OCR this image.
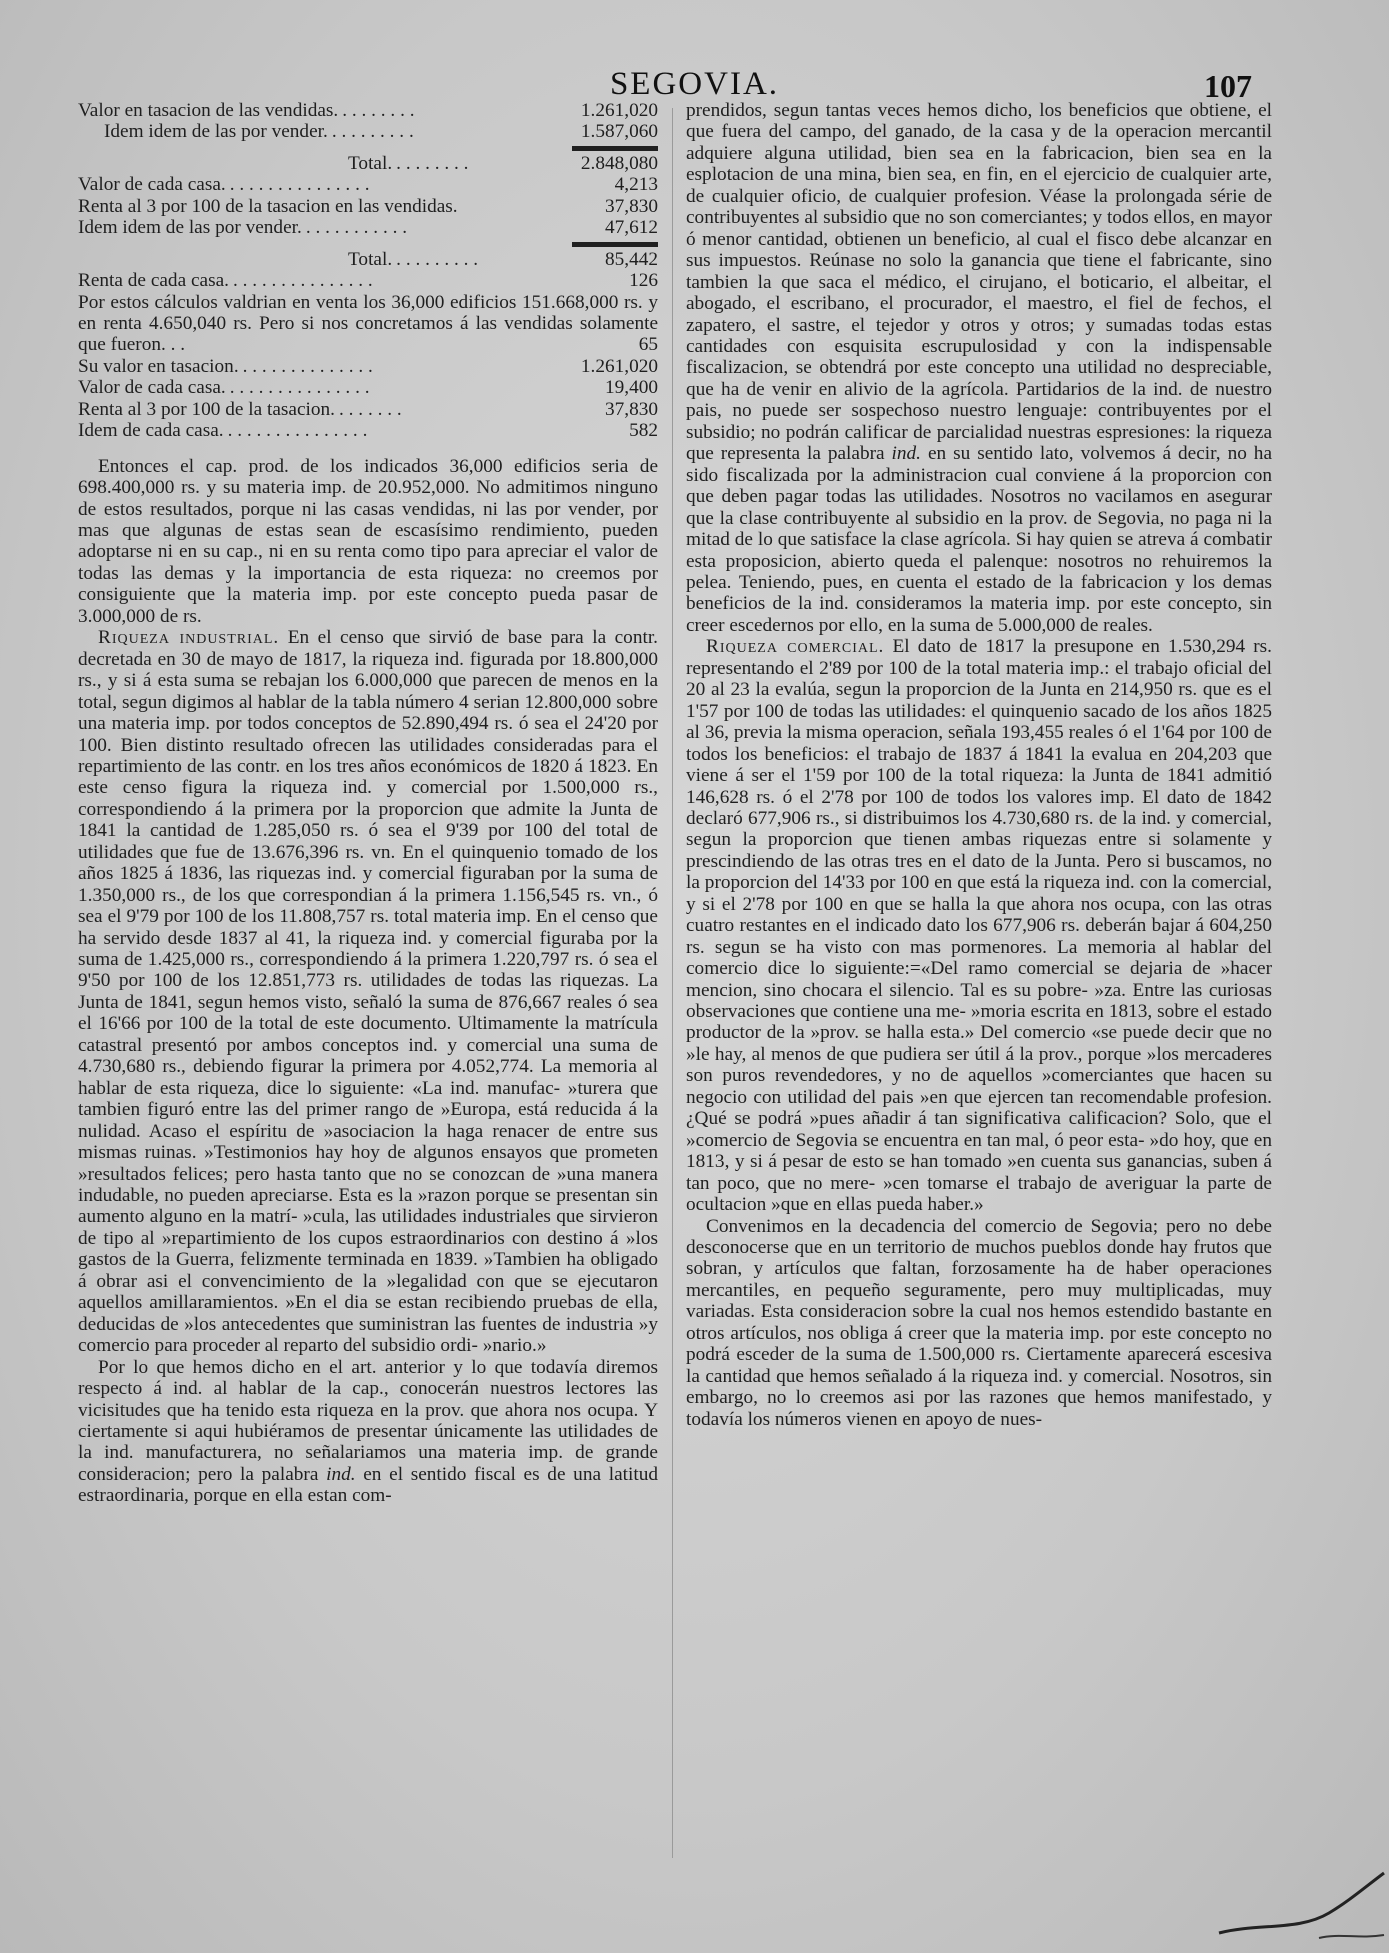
SEGOVIA.	107
Valor en tasacion de las vendidas. . . . . . . . .	1.261,020
Idem idem de las por vender. . . . . . . . . .	1.587,060
Total. . . . . . . . .	2.848,080
Valor de cada casa. . . . . . . . . . . . . . . .	4,213
Renta al 3 por 100 de la tasacion en las vendidas.	37,830
Idem idem de las por vender. . . . . . . . . . . .	47,612
Total. . . . . . . . . .	85,442
Renta de cada casa. . . . . . . . . . . . . . . .	126

Por estos cálculos valdrian en venta los 36,000 edificios 151.668,000 rs. y en renta 4.650,040 rs. Pero si nos concretamos á las vendidas solamente que fueron. . .	65

Su valor en tasacion. . . . . . . . . . . . . . .	1.261,020
Valor de cada casa. . . . . . . . . . . . . . . .	19,400
Renta al 3 por 100 de la tasacion. . . . . . . .	37,830
Idem de cada casa. . . . . . . . . . . . . . . .	582

Entonces el cap. prod. de los indicados 36,000 edificios seria de 698.400,000 rs. y su materia imp. de 20.952,000. No admitimos ninguno de estos resultados, porque ni las casas vendidas, ni las por vender, por mas que algunas de estas sean de escasísimo rendimiento, pueden adoptarse ni en su cap., ni en su renta como tipo para apreciar el valor de todas las demas y la importancia de esta riqueza: no creemos por consiguiente que la materia imp. por este concepto pueda pasar de 3.000,000 de rs.

Riqueza industrial. En el censo que sirvió de base para la contr. decretada en 30 de mayo de 1817, la riqueza ind. figurada por 18.800,000 rs., y si á esta suma se rebajan los 6.000,000 que parecen de menos en la total, segun digimos al hablar de la tabla número 4 serian 12.800,000 sobre una materia imp. por todos conceptos de 52.890,494 rs. ó sea el 24'20 por 100. Bien distinto resultado ofrecen las utilidades consideradas para el repartimiento de las contr. en los tres años económicos de 1820 á 1823. En este censo figura la riqueza ind. y comercial por 1.500,000 rs., correspondiendo á la primera por la proporcion que admite la Junta de 1841 la cantidad de 1.285,050 rs. ó sea el 9'39 por 100 del total de utilidades que fue de 13.676,396 rs. vn. En el quinquenio tomado de los años 1825 á 1836, las riquezas ind. y comercial figuraban por la suma de 1.350,000 rs., de los que correspondian á la primera 1.156,545 rs. vn., ó sea el 9'79 por 100 de los 11.808,757 rs. total materia imp. En el censo que ha servido desde 1837 al 41, la riqueza ind. y comercial figuraba por la suma de 1.425,000 rs., correspondiendo á la primera 1.220,797 rs. ó sea el 9'50 por 100 de los 12.851,773 rs. utilidades de todas las riquezas. La Junta de 1841, segun hemos visto, señaló la suma de 876,667 reales ó sea el 16'66 por 100 de la total de este documento. Ultimamente la matrícula catastral presentó por ambos conceptos ind. y comercial una suma de 4.730,680 rs., debiendo figurar la primera por 4.052,774. La memoria al hablar de esta riqueza, dice lo siguiente: «La ind. manufac- »turera que tambien figuró entre las del primer rango de »Europa, está reducida á la nulidad. Acaso el espíritu de »asociacion la haga renacer de entre sus mismas ruinas. »Testimonios hay hoy de algunos ensayos que prometen »resultados felices; pero hasta tanto que no se conozcan de »una manera indudable, no pueden apreciarse. Esta es la »razon porque se presentan sin aumento alguno en la matrí- »cula, las utilidades industriales que sirvieron de tipo al »repartimiento de los cupos estraordinarios con destino á »los gastos de la Guerra, felizmente terminada en 1839. »Tambien ha obligado á obrar asi el convencimiento de la »legalidad con que se ejecutaron aquellos amillaramientos. »En el dia se estan recibiendo pruebas de ella, deducidas de »los antecedentes que suministran las fuentes de industria »y comercio para proceder al reparto del subsidio ordi- »nario.»

Por lo que hemos dicho en el art. anterior y lo que todavía diremos respecto á ind. al hablar de la cap., conocerán nuestros lectores las vicisitudes que ha tenido esta riqueza en la prov. que ahora nos ocupa. Y ciertamente si aqui hubiéramos de presentar únicamente las utilidades de la ind. manufacturera, no señalariamos una materia imp. de grande consideracion; pero la palabra ind. en el sentido fiscal es de una latitud estraordinaria, porque en ella estan com-

prendidos, segun tantas veces hemos dicho, los beneficios que obtiene, el que fuera del campo, del ganado, de la casa y de la operacion mercantil adquiere alguna utilidad, bien sea en la fabricacion, bien sea en la esplotacion de una mina, bien sea, en fin, en el ejercicio de cualquier arte, de cualquier oficio, de cualquier profesion. Véase la prolongada série de contribuyentes al subsidio que no son comerciantes; y todos ellos, en mayor ó menor cantidad, obtienen un beneficio, al cual el fisco debe alcanzar en sus impuestos. Reúnase no solo la ganancia que tiene el fabricante, sino tambien la que saca el médico, el cirujano, el boticario, el albeitar, el abogado, el escribano, el procurador, el maestro, el fiel de fechos, el zapatero, el sastre, el tejedor y otros y otros; y sumadas todas estas cantidades con esquisita escrupulosidad y con la indispensable fiscalizacion, se obtendrá por este concepto una utilidad no despreciable, que ha de venir en alivio de la agrícola. Partidarios de la ind. de nuestro pais, no puede ser sospechoso nuestro lenguaje: contribuyentes por el subsidio; no podrán calificar de parcialidad nuestras espresiones: la riqueza que representa la palabra ind. en su sentido lato, volvemos á decir, no ha sido fiscalizada por la administracion cual conviene á la proporcion con que deben pagar todas las utilidades. Nosotros no vacilamos en asegurar que la clase contribuyente al subsidio en la prov. de Segovia, no paga ni la mitad de lo que satisface la clase agrícola. Si hay quien se atreva á combatir esta proposicion, abierto queda el palenque: nosotros no rehuiremos la pelea. Teniendo, pues, en cuenta el estado de la fabricacion y los demas beneficios de la ind. consideramos la materia imp. por este concepto, sin creer escedernos por ello, en la suma de 5.000,000 de reales.

Riqueza comercial. El dato de 1817 la presupone en 1.530,294 rs. representando el 2'89 por 100 de la total materia imp.: el trabajo oficial del 20 al 23 la evalúa, segun la proporcion de la Junta en 214,950 rs. que es el 1'57 por 100 de todas las utilidades: el quinquenio sacado de los años 1825 al 36, previa la misma operacion, señala 193,455 reales ó el 1'64 por 100 de todos los beneficios: el trabajo de 1837 á 1841 la evalua en 204,203 que viene á ser el 1'59 por 100 de la total riqueza: la Junta de 1841 admitió 146,628 rs. ó el 2'78 por 100 de todos los valores imp. El dato de 1842 declaró 677,906 rs., si distribuimos los 4.730,680 rs. de la ind. y comercial, segun la proporcion que tienen ambas riquezas entre si solamente y prescindiendo de las otras tres en el dato de la Junta. Pero si buscamos, no la proporcion del 14'33 por 100 en que está la riqueza ind. con la comercial, y si el 2'78 por 100 en que se halla la que ahora nos ocupa, con las otras cuatro restantes en el indicado dato los 677,906 rs. deberán bajar á 604,250 rs. segun se ha visto con mas pormenores. La memoria al hablar del comercio dice lo siguiente:=«Del ramo comercial se dejaria de »hacer mencion, sino chocara el silencio. Tal es su pobre- »za. Entre las curiosas observaciones que contiene una me- »moria escrita en 1813, sobre el estado productor de la »prov. se halla esta.» Del comercio «se puede decir que no »le hay, al menos de que pudiera ser útil á la prov., porque »los mercaderes son puros revendedores, y no de aquellos »comerciantes que hacen su negocio con utilidad del pais »en que ejercen tan recomendable profesion. ¿Qué se podrá »pues añadir á tan significativa calificacion? Solo, que el »comercio de Segovia se encuentra en tan mal, ó peor esta- »do hoy, que en 1813, y si á pesar de esto se han tomado »en cuenta sus ganancias, suben á tan poco, que no mere- »cen tomarse el trabajo de averiguar la parte de ocultacion »que en ellas pueda haber.»

Convenimos en la decadencia del comercio de Segovia; pero no debe desconocerse que en un territorio de muchos pueblos donde hay frutos que sobran, y artículos que faltan, forzosamente ha de haber operaciones mercantiles, en pequeño seguramente, pero muy multiplicadas, muy variadas. Esta consideracion sobre la cual nos hemos estendido bastante en otros artículos, nos obliga á creer que la materia imp. por este concepto no podrá esceder de la suma de 1.500,000 rs. Ciertamente aparecerá escesiva la cantidad que hemos señalado á la riqueza ind. y comercial. Nosotros, sin embargo, no lo creemos asi por las razones que hemos manifestado, y todavía los números vienen en apoyo de nues-
